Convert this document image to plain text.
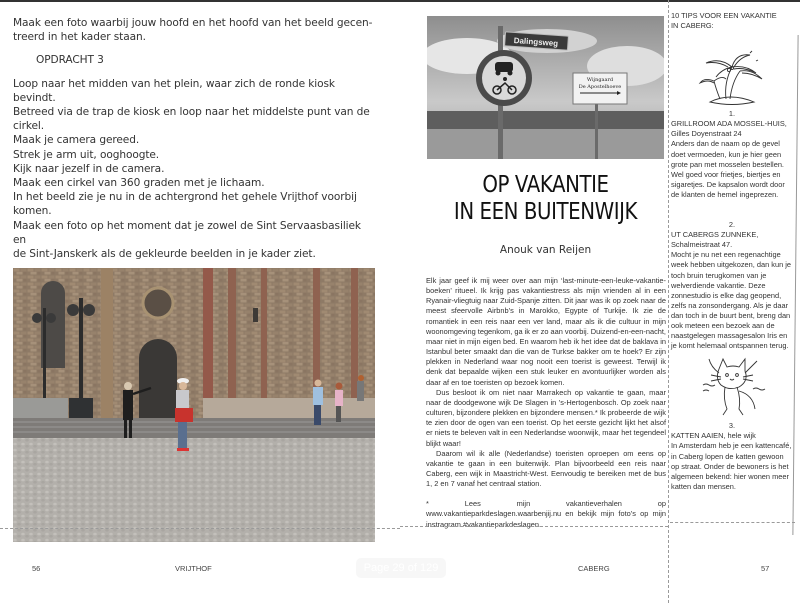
Maak een foto waarbij jouw hoofd en het hoofd van het beeld gecen-

treerd in het kader staan.

OPDRACHT 3

Loop naar het midden van het plein, waar zich de ronde kiosk bevindt.

Betreed via de trap de kiosk en loop naar het middelste punt van de

cirkel.

Maak je camera gereed.

Strek je arm uit, ooghoogte.

Kijk naar jezelf in de camera.

Maak een cirkel van 360 graden met je lichaam.

In het beeld zie je nu in de achtergrond het gehele Vrijthof voorbij

komen.

Maak een foto op het moment dat je zowel de Sint Servaasbasiliek en

de Sint-Janskerk als de gekleurde beelden in je kader ziet.

56	VRIJTHOF	Page 29 of 129
Dalingsweg
Wijngaard
De Apostelhoeve
OP VAKANTIE
IN EEN BUITENWIJK
Anouk van Reijen

Elk jaar geef ik mij weer over aan mijn ‘last-minute-een-leuke-vakantie-boeken’ ritueel. Ik krijg pas vakantiestress als mijn vrienden al in een Ryanair-vliegtuig naar Zuid-Spanje zitten. Dit jaar was ik op zoek naar de meest sfeervolle Airbnb’s in Marokko, Egypte of Turkije. Ik zie de romantiek in een reis naar een ver land, maar als ik die cultuur in mijn woonomgeving tegenkom, ga ik er zo aan voorbij. Duizend-en-een-nacht, maar niet in mijn eigen bed. En waarom heb ik het idee dat de baklava in Istanbul beter smaakt dan die van de Turkse bakker om te hoek? Er zijn plekken in Nederland waar nog nooit een toerist is geweest. Terwijl ik denk dat bepaalde wijken een stuk leuker en avontuurlijker worden als daar af en toe toeristen op bezoek komen.

Dus besloot ik om niet naar Marrakech op vakantie te gaan, maar naar de doodgewone wijk De Slagen in ’s-Hertogenbosch. Op zoek naar culturen, bijzondere plekken en bijzondere mensen.* Ik probeerde de wijk te zien door de ogen van een toerist. Op het eerste gezicht lijkt het alsof er niets te beleven valt in een Nederlandse woonwijk, maar het tegendeel blijkt waar!

Daarom wil ik alle (Nederlandse) toeristen oproepen om eens op vakantie te gaan in een buitenwijk. Plan bijvoorbeeld een reis naar Caberg, een wijk in Maastricht-West. Eenvoudig te bereiken met de bus 1, 2 en 7 vanaf het centraal station.

* Lees mijn vakantieverhalen op www.vakantieparkdeslagen.waarbenjij.nu en bekijk mijn foto’s op mijn instragram #vakantieparkdeslagen.

CABERG	57

10 TIPS VOOR EEN VAKANTIE IN CABERG:

1.

GRILLROOM ADA MOSSEL-HUIS, Gilles Doyenstraat 24

Anders dan de naam op de gevel doet vermoeden, kun je hier geen grote pan met mosselen bestellen. Wel goed voor frietjes, biertjes en sigaretjes. De kapsalon wordt door de klanten de hemel ingeprezen.

2.

UT CABERGS ZUNNEKE, Schalmeistraat 47.

Mocht je nu net een regenachtige week hebben uitgekozen, dan kun je toch bruin terugkomen van je welverdiende vakantie. Deze zonnestudio is elke dag geopend, zelfs na zonsondergang. Als je daar dan toch in de buurt bent, breng dan ook meteen een bezoek aan de naastgelegen massagesalon Iris en je komt helemaal ontspannen terug.

3.

KATTEN AAIEN, hele wijk

In Amsterdam heb je een kattencafé, in Caberg lopen de katten gewoon op straat. Onder de bewoners is het algemeen bekend: hier wonen meer katten dan mensen.
